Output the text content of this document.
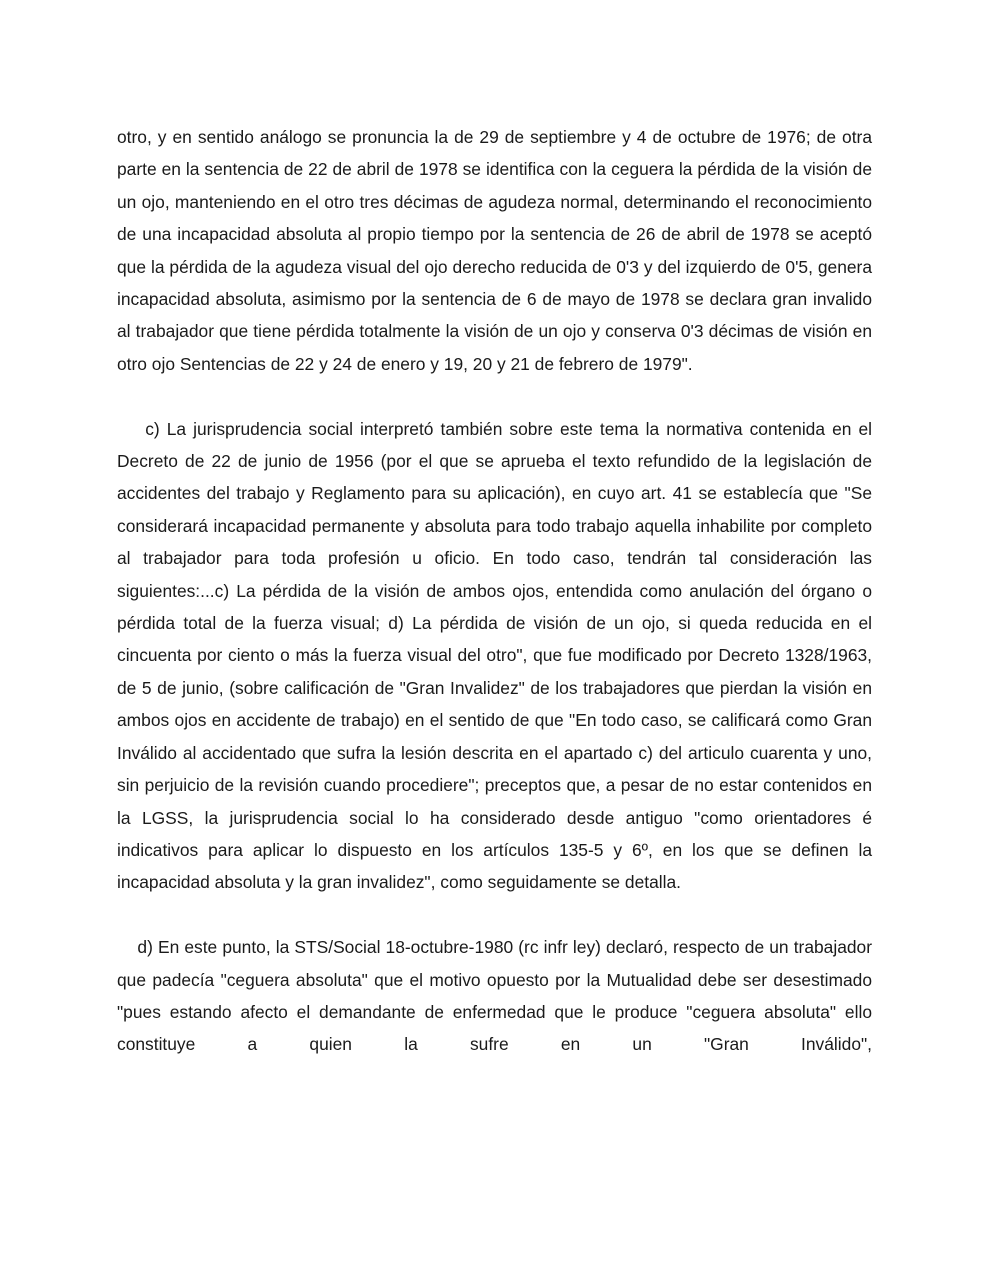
otro, y en sentido análogo se pronuncia la de 29 de septiembre y 4 de octubre de 1976; de otra parte en la sentencia de 22 de abril de 1978 se identifica con la ceguera la pérdida de la visión de un ojo, manteniendo en el otro tres décimas de agudeza normal, determinando el reconocimiento de una incapacidad absoluta al propio tiempo por la sentencia de 26 de abril de 1978 se aceptó que la pérdida de la agudeza visual del ojo derecho reducida de 0'3 y del izquierdo de 0'5, genera incapacidad absoluta, asimismo por la sentencia de 6 de mayo de 1978 se declara gran invalido al trabajador que tiene pérdida totalmente la visión de un ojo y conserva 0'3 décimas de visión en otro ojo Sentencias de 22 y 24 de enero y 19, 20 y 21 de febrero de 1979".

c) La jurisprudencia social interpretó también sobre este tema la normativa contenida en el Decreto de 22 de junio de 1956 (por el que se aprueba el texto refundido de la legislación de accidentes del trabajo y Reglamento para su aplicación), en cuyo art. 41 se establecía que "Se considerará incapacidad permanente y absoluta para todo trabajo aquella inhabilite por completo al trabajador para toda profesión u oficio. En todo caso, tendrán tal consideración las siguientes:...c) La pérdida de la visión de ambos ojos, entendida como anulación del órgano o pérdida total de la fuerza visual; d) La pérdida de visión de un ojo, si queda reducida en el cincuenta por ciento o más la fuerza visual del otro", que fue modificado por Decreto 1328/1963, de 5 de junio, (sobre calificación de "Gran Invalidez" de los trabajadores que pierdan la visión en ambos ojos en accidente de trabajo) en el sentido de que "En todo caso, se calificará como Gran Inválido al accidentado que sufra la lesión descrita en el apartado c) del articulo cuarenta y uno, sin perjuicio de la revisión cuando procediere"; preceptos que, a pesar de no estar contenidos en la LGSS, la jurisprudencia social lo ha considerado desde antiguo "como orientadores é indicativos para aplicar lo dispuesto en los artículos 135-5 y 6º, en los que se definen la incapacidad absoluta y la gran invalidez", como seguidamente se detalla.

d) En este punto, la STS/Social 18-octubre-1980 (rc infr ley) declaró, respecto de un trabajador que padecía "ceguera absoluta" que el motivo opuesto por la Mutualidad debe ser desestimado "pues estando afecto el demandante de enfermedad que le produce "ceguera absoluta" ello constituye a quien la sufre en un "Gran Inválido",
